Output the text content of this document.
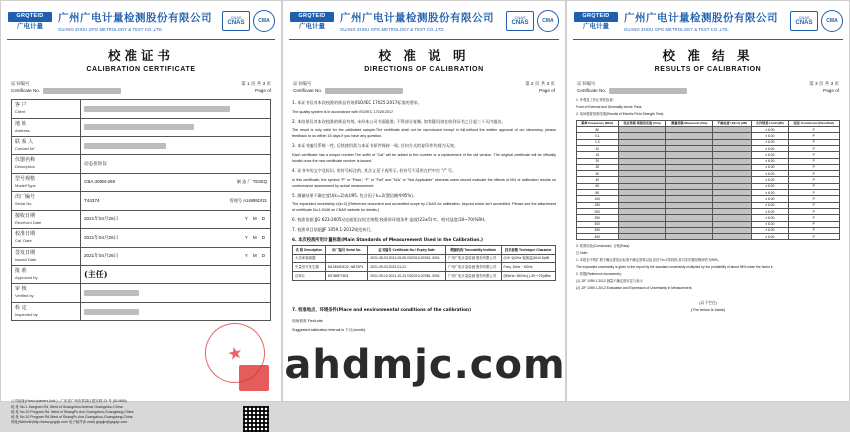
GRQTEID
广电计量
广州广电计量检测股份有限公司
GUANG ZHOU GPG METROLOGY & TEST CO.,LTD.
CNAS
CNAS	CMA
校准证书
CALIBRATION CERTIFICATE
证书编号	第 1 页 共 3 页
Certificate No.	Page of
客 户
Client	

地 址
Address	

联 系 人
Contact Inf	

仪器名称
Description	动态扭矩仪
型号规格
Model/Type	CBA 400M-260 制 造 厂 TESEQ

出厂编号
Serial No.	T44374 管理号 A146991#21

接收日期
Received Date	2021年04月26日 Y M D

校准日期
Cal. Date	2021年04月26日 Y M D

签发日期
Issued Date	2021年04月26日 Y M D

批 准
Approved by	(主任)
审 核
Verified by	

检 定
Inspected by	
★
公司地址(Head quarters Add.) : 广东省广州市萝岗区建安路 23 号 (510656)
地 址 No.1 Jiangnan Rd, West of Guangzhou Avenue Guangzhou China
地 址 No.10 Program Rd. West of ShangPu Ave,Guangzhou,Guangdong,China
地 址 No.10 Program Rd,West of ShangPu Ave,Guangzhou,Guangdong,China
网址(Website)http://www.gzgdjc.com 电子邮件(E-mail) gzgdjc@gzgdjc.com
GRQTEID
广电计量
广州广电计量检测股份有限公司
GUANG ZHOU GPG METROLOGY & TEST CO.,LTD.
CNAS
CNAS	CMA
校 准 说 明
DIRECTIONS OF CALIBRATION
证书编号	第 2 页 共 3 页
Certificate No.	Page of

1. 本证书仅对本次校准的样品有效(ISO/IEC 17025:2017标准的要求。

The quality system is in accordance with ISO/IEC 17025:2017.

2. 本结果仅对本次校准的样品有效, 未经本公司书面批准, 不得部分复制, 如有疑问请在收到证书之日起三十天内提出。

The result is only valid for the calibrated sample.The certificate shall not be reproduced except in full,without the written approval of our laboratory, please feedback to us within 15 days if you have any question.

3. 本证书编号系唯一性, 后续使用需与本证书原件保持一致, 任何方式的复印件均视为无效。

Each certificate has a unique number.The suffix of "Cal" will be added to the number or a replacement of the old version. The original certificate will be officially invalid once the new certificate number is issued.

4. 证书中的文字及标识, 用符号标注的, 其含义见下表所示, 若符号不适用在栏中打 "/" 号。

In this certificate, the symbol "P" or "Pass", "F" or "Fail" and "N/A" or "Not Applicable" whereas users should evaluate the effects of MU of calibration results on conformance assessment by actual measurement.

5. 测量结果不确定度U(k=2)或U95, 包含因子k=2(置信概率95%)。

The expanded uncertainty U(k=2) (Reference document and accredited scope by CNAS for calibration, beyond which isn't accredited. Please see the attachment of certificate No.1:0446 on CNAS website for details.)

6. 校准依据 JJG 623-2005动态扭矩仪检定规程;校准时环境条件:温度(23±5)℃、相对湿度(30~70)%RH。

7. 校准项目依据JJF 1059.1-2012规范执行。

6. 本次校准所用计量标准(Main Standards of Measurement Used in the Calibration.)
名 称 Description	出厂编号 Serial No.	证书编号 Certificate No./ Expiry Date	溯源机构 Traceability Institute	技术参数 Technique Character
大功率衰减器		2021-08-03 2021-09-05 GD2010-00763- 0001	广州广电计量检测 股份有限公司	(0.5~1)GHz 衰减量(30±0.5)dB
失量信号发生器	M12494DE22- NB7SP1	2021-09-03 2022-01-21	广州广电计量检测 股份有限公司	Freq. 1kHz ~ 6GHz
功率计	MT365P7603	2021-09-10 2021-10-23 GD2010-00786- 0001	广州广电计量检测 股份有限公司	(50kHz~18GHz) (-30~+20)dBm
7. 校准地点、环境条件(Place and environmental conditions of the calibration)

现场校准 Field-site

Suggested calibration interval is 个月(month).

GRQTEID
广电计量
广州广电计量检测股份有限公司
GUANG ZHOU GPG METROLOGY & TEST CO.,LTD.
CNAS
CNAS	CMA
校 准 结 果
RESULTS OF CALIBRATION
证书编号	第 3 页 共 3 页
Certificate No.	Page of

1. 外观及工作正常性检查:

Form of External and Generality check: Pass

2. 电场强度校准结果(Results of Electric Field Strength Test):

频率 Frequency (MHz)	设定场强 场强设定值 (V/m)	测量场强 Measured (V/m)	不确定度 U(k=2) (dB)	允许误差 Limit (dB)	结论 Conclusion (Pass/Fail)
80				± 6.00	P
0.1				± 6.00	P
1.0				± 6.00	P
10				± 6.00	P
15				± 6.00	P
20				± 6.00	P
25				± 6.00	P
30				± 6.00	P
40				± 6.00	P
50				± 6.00	P
80				± 6.00	P
100				± 6.00	P
150				± 6.00	P
200				± 6.00	P
250				± 6.00	P
300				± 6.00	P
350				± 6.00	P
400				± 6.00	P

3. 校准结论(Conclusion): 合格(Pass)

注 Note:

1. 本报告中的扩展不确定度是由标准不确定度乘以包含因子k=2得到的,其对应的置信概率约为95%。

The expanded uncertainty is given in the report by the standard uncertainty multiplied by the probability of about 95% when the factor k.

2. 依据(Reference documents):

(1) JJF 1059.1-2012 测量不确定度评定与表示

(2) JJF 1059.1-2012 Evaluation and Expression of Uncertainty in Measurement.

(以下空白)
(The below is blank)
ahdmjc.com
